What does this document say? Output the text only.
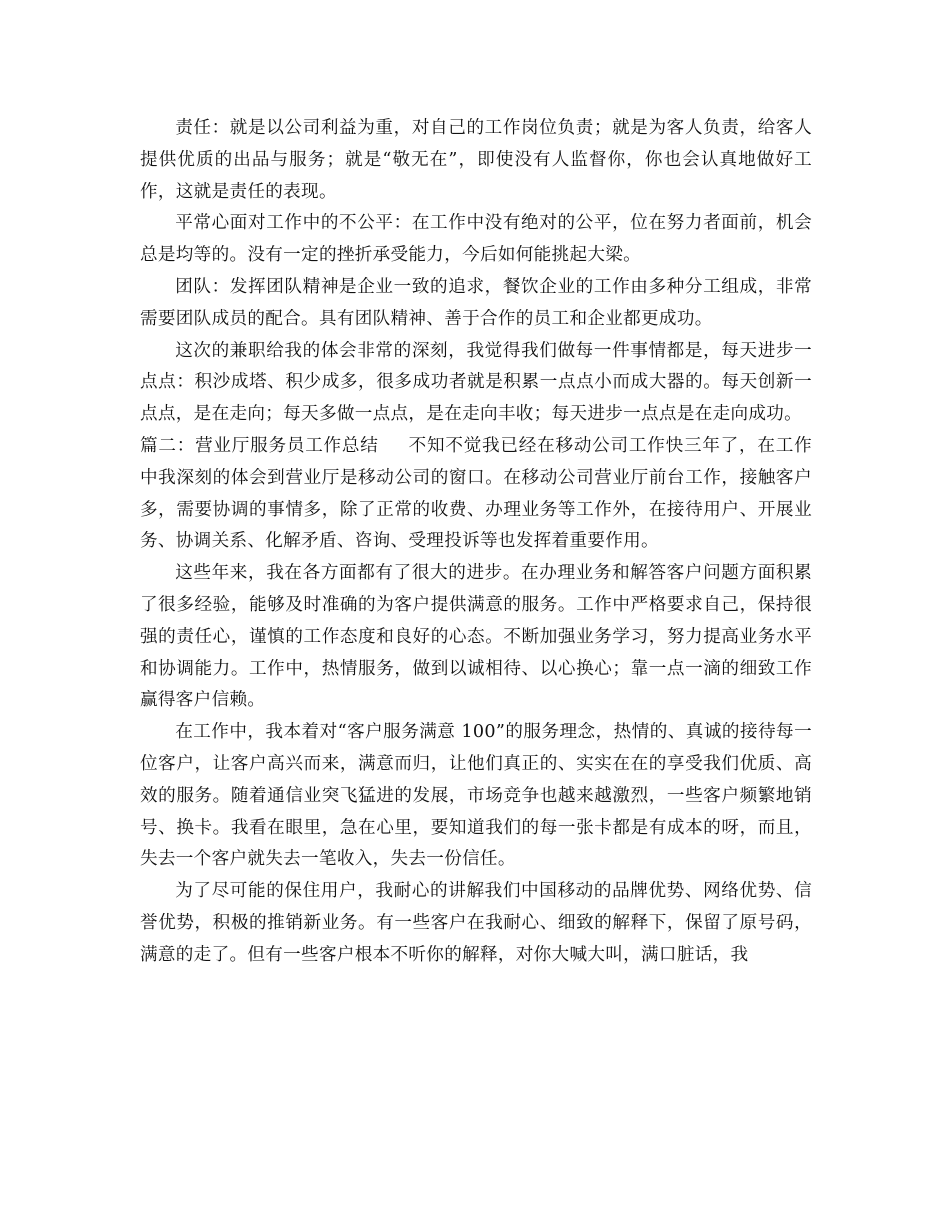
责任：就是以公司利益为重，对自己的工作岗位负责；就是为客人负责，给客人提供优质的出品与服务；就是“敬无在”，即使没有人监督你，你也会认真地做好工作，这就是责任的表现。

平常心面对工作中的不公平：在工作中没有绝对的公平，位在努力者面前，机会总是均等的。没有一定的挫折承受能力，今后如何能挑起大梁。

团队：发挥团队精神是企业一致的追求，餐饮企业的工作由多种分工组成，非常需要团队成员的配合。具有团队精神、善于合作的员工和企业都更成功。

这次的兼职给我的体会非常的深刻，我觉得我们做每一件事情都是，每天进步一点点：积沙成塔、积少成多，很多成功者就是积累一点点小而成大器的。每天创新一点点，是在走向；每天多做一点点，是在走向丰收；每天进步一点点是在走向成功。

篇二：营业厅服务员工作总结 不知不觉我已经在移动公司工作快三年了，在工作中我深刻的体会到营业厅是移动公司的窗口。在移动公司营业厅前台工作，接触客户多，需要协调的事情多，除了正常的收费、办理业务等工作外，在接待用户、开展业务、协调关系、化解矛盾、咨询、受理投诉等也发挥着重要作用。

这些年来，我在各方面都有了很大的进步。在办理业务和解答客户问题方面积累了很多经验，能够及时准确的为客户提供满意的服务。工作中严格要求自己，保持很强的责任心，谨慎的工作态度和良好的心态。不断加强业务学习，努力提高业务水平和协调能力。工作中，热情服务，做到以诚相待、以心换心；靠一点一滴的细致工作赢得客户信赖。

在工作中，我本着对“客户服务满意 100”的服务理念，热情的、真诚的接待每一位客户，让客户高兴而来，满意而归，让他们真正的、实实在在的享受我们优质、高效的服务。随着通信业突飞猛进的发展，市场竞争也越来越激烈，一些客户频繁地销号、换卡。我看在眼里，急在心里，要知道我们的每一张卡都是有成本的呀，而且，失去一个客户就失去一笔收入，失去一份信任。

为了尽可能的保住用户，我耐心的讲解我们中国移动的品牌优势、网络优势、信誉优势，积极的推销新业务。有一些客户在我耐心、细致的解释下，保留了原号码，满意的走了。但有一些客户根本不听你的解释，对你大喊大叫，满口脏话，我
